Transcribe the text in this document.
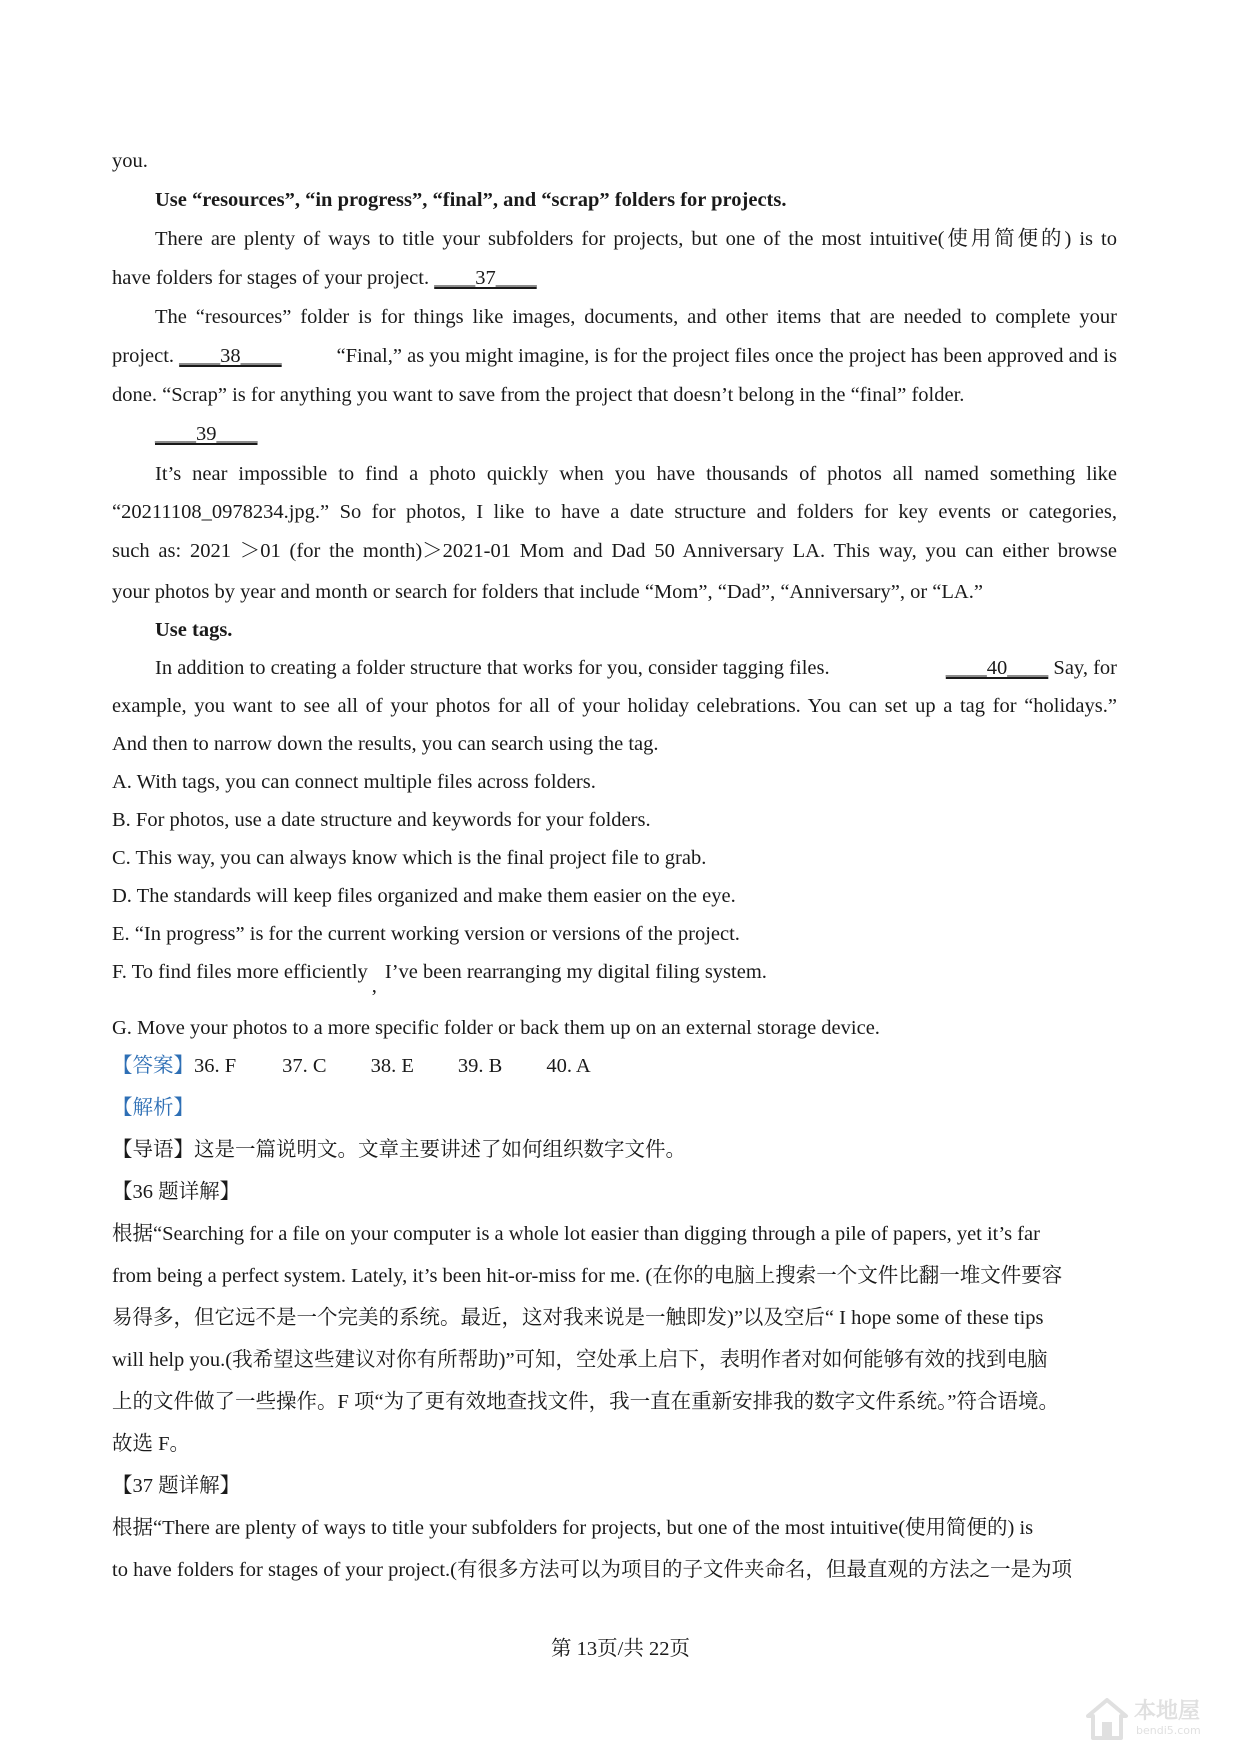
you.
Use “resources”, “in progress”, “final”, and “scrap” folders for projects.
There are plenty of ways to title your subfolders for projects, but one of the most intuitive(使用简便的) is to
have folders for stages of your project. ____37____
The “resources” folder is for things like images, documents, and other items that are needed to complete your
project. ____38____	“Final,” as you might imagine, is for the project files once the project has been approved and is
done. “Scrap” is for anything you want to save from the project that doesn’t belong in the “final” folder.
____39____
It’s near impossible to find a photo quickly when you have thousands of photos all named something like
“20211108_0978234.jpg.” So for photos, I like to have a date structure and folders for key events or categories,
such as: 2021 ＞01 (for the month)＞2021-01 Mom and Dad 50 Anniversary LA. This way, you can either browse
your photos by year and month or search for folders that include “Mom”, “Dad”, “Anniversary”, or “LA.”
Use tags.
In addition to creating a folder structure that works for you, consider tagging files.	____40____ Say, for
example, you want to see all of your photos for all of your holiday celebrations. You can set up a tag for “holidays.”
And then to narrow down the results, you can search using the tag.
A. With tags, you can connect multiple files across folders.
B. For photos, use a date structure and keywords for your folders.
C. This way, you can always know which is the final project file to grab.
D. The standards will keep files organized and make them easier on the eye.
E. “In progress” is for the current working version or versions of the project.
F. To find files more efficiently,I’ve been rearranging my digital filing system.
G. Move your photos to a more specific folder or back them up on an external storage device.
【答案】36. F 37. C 38. E 39. B 40. A
【解析】
【导语】这是一篇说明文。文章主要讲述了如何组织数字文件。
【36 题详解】
根据“Searching for a file on your computer is a whole lot easier than digging through a pile of papers, yet it’s far
from being a perfect system. Lately, it’s been hit-or-miss for me. (在你的电脑上搜索一个文件比翻一堆文件要容
易得多，但它远不是一个完美的系统。最近，这对我来说是一触即发)”以及空后“ I hope some of these tips
will help you.(我希望这些建议对你有所帮助)”可知，空处承上启下，表明作者对如何能够有效的找到电脑
上的文件做了一些操作。F 项“为了更有效地查找文件，我一直在重新安排我的数字文件系统。”符合语境。
故选 F。
【37 题详解】
根据“There are plenty of ways to title your subfolders for projects, but one of the most intuitive(使用简便的) is
to have folders for stages of your project.(有很多方法可以为项目的子文件夹命名，但最直观的方法之一是为项
第 13页/共 22页
本地屋
bendi5.com
